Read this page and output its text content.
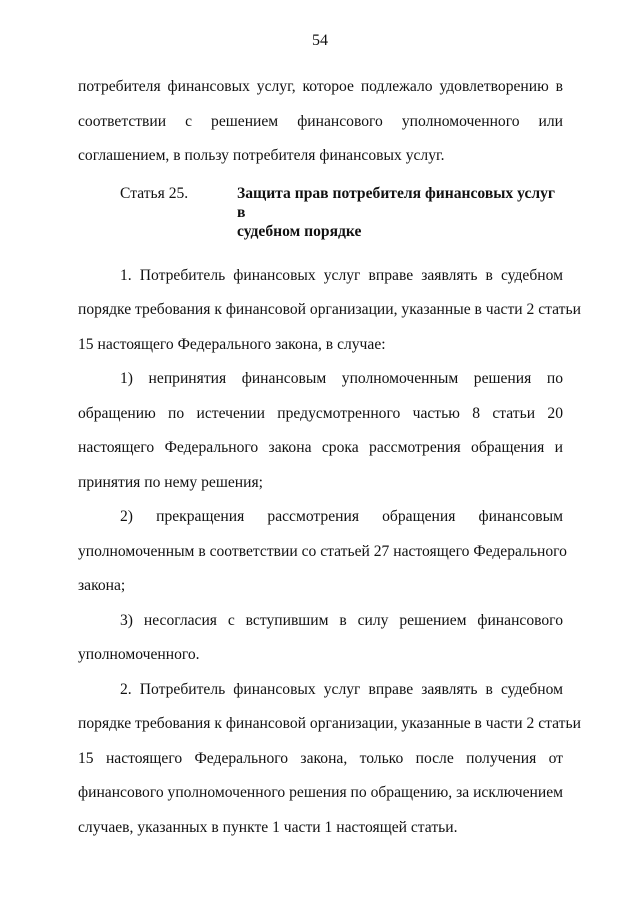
54
потребителя финансовых услуг, которое подлежало удовлетворению в
соответствии с решением финансового уполномоченного или
соглашением, в пользу потребителя финансовых услуг.
Статья 25.	Защита прав потребителя финансовых услуг в
судебном порядке
1. Потребитель финансовых услуг вправе заявлять в судебном
порядке требования к финансовой организации, указанные в части 2 статьи
15 настоящего Федерального закона, в случае:
1) непринятия финансовым уполномоченным решения по
обращению по истечении предусмотренного частью 8 статьи 20
настоящего Федерального закона срока рассмотрения обращения и
принятия по нему решения;
2) прекращения рассмотрения обращения финансовым
уполномоченным в соответствии со статьей 27 настоящего Федерального
закона;
3) несогласия с вступившим в силу решением финансового
уполномоченного.
2. Потребитель финансовых услуг вправе заявлять в судебном
порядке требования к финансовой организации, указанные в части 2 статьи
15 настоящего Федерального закона, только после получения от
финансового уполномоченного решения по обращению, за исключением
случаев, указанных в пункте 1 части 1 настоящей статьи.
